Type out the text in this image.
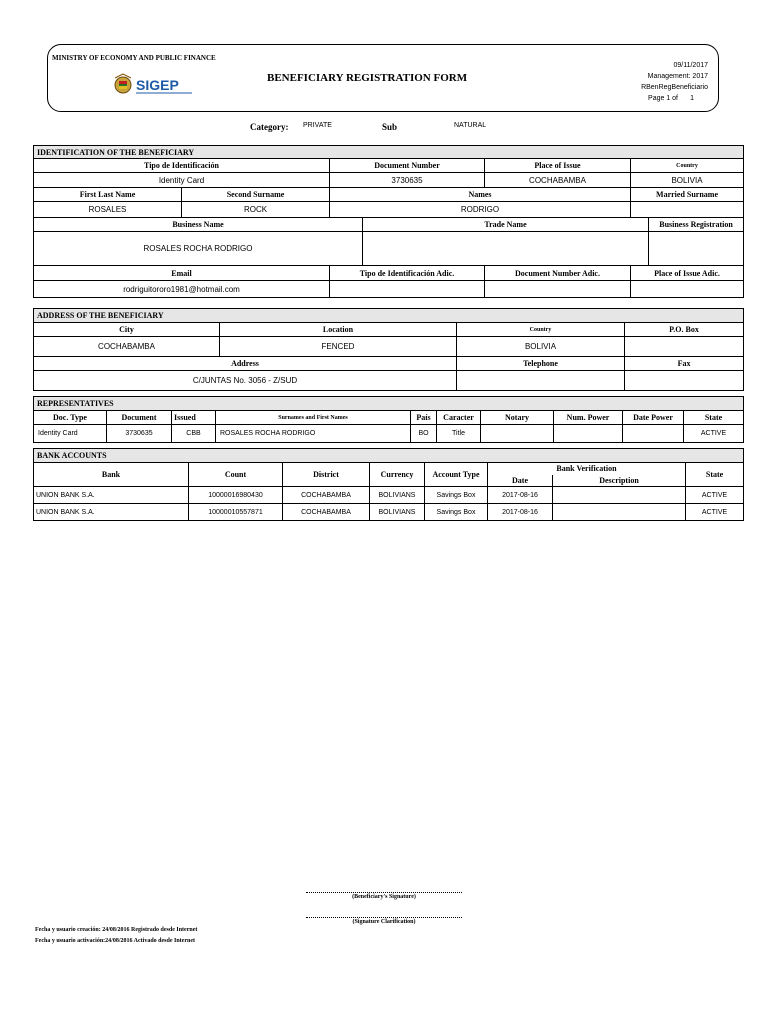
MINISTRY OF ECONOMY AND PUBLIC FINANCE
SIGEP	BENEFICIARY REGISTRATION FORM
09/11/2017
Management: 2017
RBenRegBeneficiario
Page 1 of 1
Category: PRIVATE	Sub	NATURAL
IDENTIFICATION OF THE BENEFICIARY						
Tipo de Identificación		Document Number		Place of Issue	Country	
Identity Card		3730635		COCHABAMBA	BOLIVIA	
First Last Name	Second Surname	Names			Married Surname	
ROSALES	ROCK	RODRIGO				
Business Name			Trade Name			Business Registration
ROSALES ROCHA RODRIGO						
Email		Tipo de Identificación Adic.		Document Number Adic.	Place of Issue Adic.	
rodriguitororo1981@hotmail.com						
ADDRESS OF THE BENEFICIARY			
City	Location	Country	P.O. Box
COCHABAMBA	FENCED	BOLIVIA	
Address		Telephone	Fax
C/JUNTAS No. 3056 - Z/SUD			
REPRESENTATIVES									
Doc. Type	Document	Issued	Surnames and First Names	País	Caracter	Notary	Num. Power	Date Power	State
Identity Card	3730635	CBB	ROSALES ROCHA RODRIGO	BO	Title				ACTIVE
BANK ACCOUNTS							
Bank	Count	District	Currency	Account Type	Bank Verification		State
					Date	Description	
UNION BANK S.A.	10000016980430	COCHABAMBA	BOLIVIANS	Savings Box	2017-08-16		ACTIVE
UNION BANK S.A.	10000010557871	COCHABAMBA	BOLIVIANS	Savings Box	2017-08-16		ACTIVE
(Beneficiary's Signature)
(Signature Clarification)
Fecha y usuario creación: 24/08/2016 Registrado desde Internet
Fecha y usuario activación:24/08/2016 Activado desde Internet
